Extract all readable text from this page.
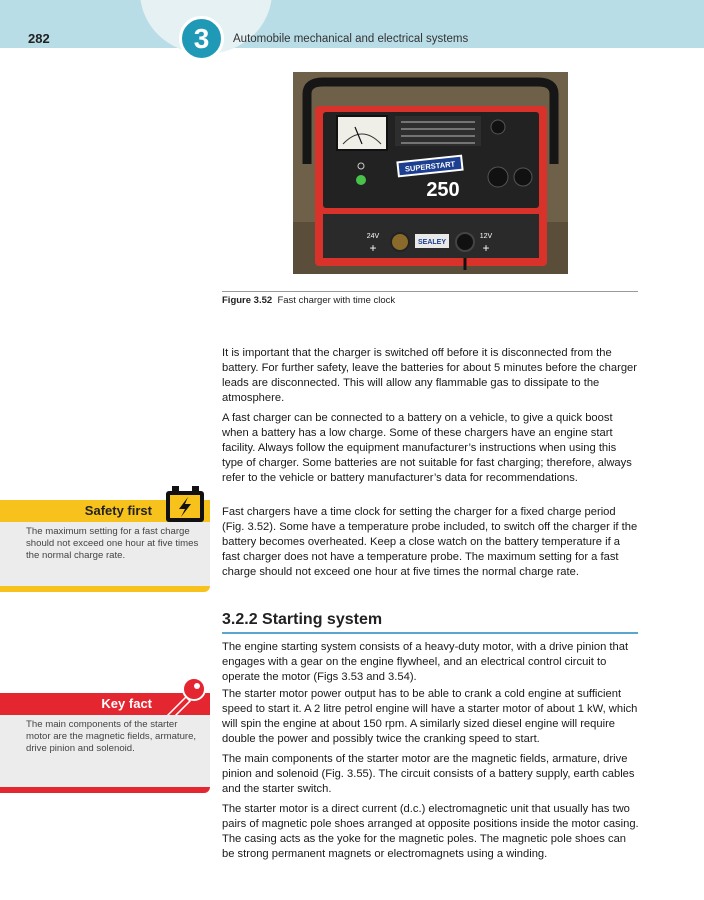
3
282	Automobile mechanical and electrical systems
SUPERSTART
250
24V	12V
+	+
SEALEY
Figure 3.52 Fast charger with time clock

It is important that the charger is switched off before it is disconnected from the battery. For further safety, leave the batteries for about 5 minutes before the charger leads are disconnected. This will allow any flammable gas to dissipate to the atmosphere.

A fast charger can be connected to a battery on a vehicle, to give a quick boost when a battery has a low charge. Some of these chargers have an engine start facility. Always follow the equipment manufacturer’s instructions when using this type of charger. Some batteries are not suitable for fast charging; therefore, always refer to the vehicle or battery manufacturer’s data for recommendations.

Fast chargers have a time clock for setting the charger for a fixed charge period (Fig. 3.52). Some have a temperature probe included, to switch off the charger if the battery becomes overheated. Keep a close watch on the battery temperature if a fast charger does not have a temperature probe. The maximum setting for a fast charge should not exceed one hour at five times the normal charge rate.

3.2.2 Starting system

The engine starting system consists of a heavy-duty motor, with a drive pinion that engages with a gear on the engine flywheel, and an electrical control circuit to operate the motor (Figs 3.53 and 3.54).

The starter motor power output has to be able to crank a cold engine at sufficient speed to start it. A 2 litre petrol engine will have a starter motor of about 1 kW, which will spin the engine at about 150 rpm. A similarly sized diesel engine will require double the power and possibly twice the cranking speed to start.

The main components of the starter motor are the magnetic fields, armature, drive pinion and solenoid (Fig. 3.55). The circuit consists of a battery supply, earth cables and the starter switch.

The starter motor is a direct current (d.c.) electromagnetic unit that usually has two pairs of magnetic pole shoes arranged at opposite positions inside the motor casing. The casing acts as the yoke for the magnetic poles. The magnetic pole shoes can be strong permanent magnets or electromagnets using a winding.

Safety first
The maximum setting for a fast charge should not exceed one hour at five times the normal charge rate.
Key fact
The main components of the starter motor are the magnetic fields, armature, drive pinion and solenoid.
